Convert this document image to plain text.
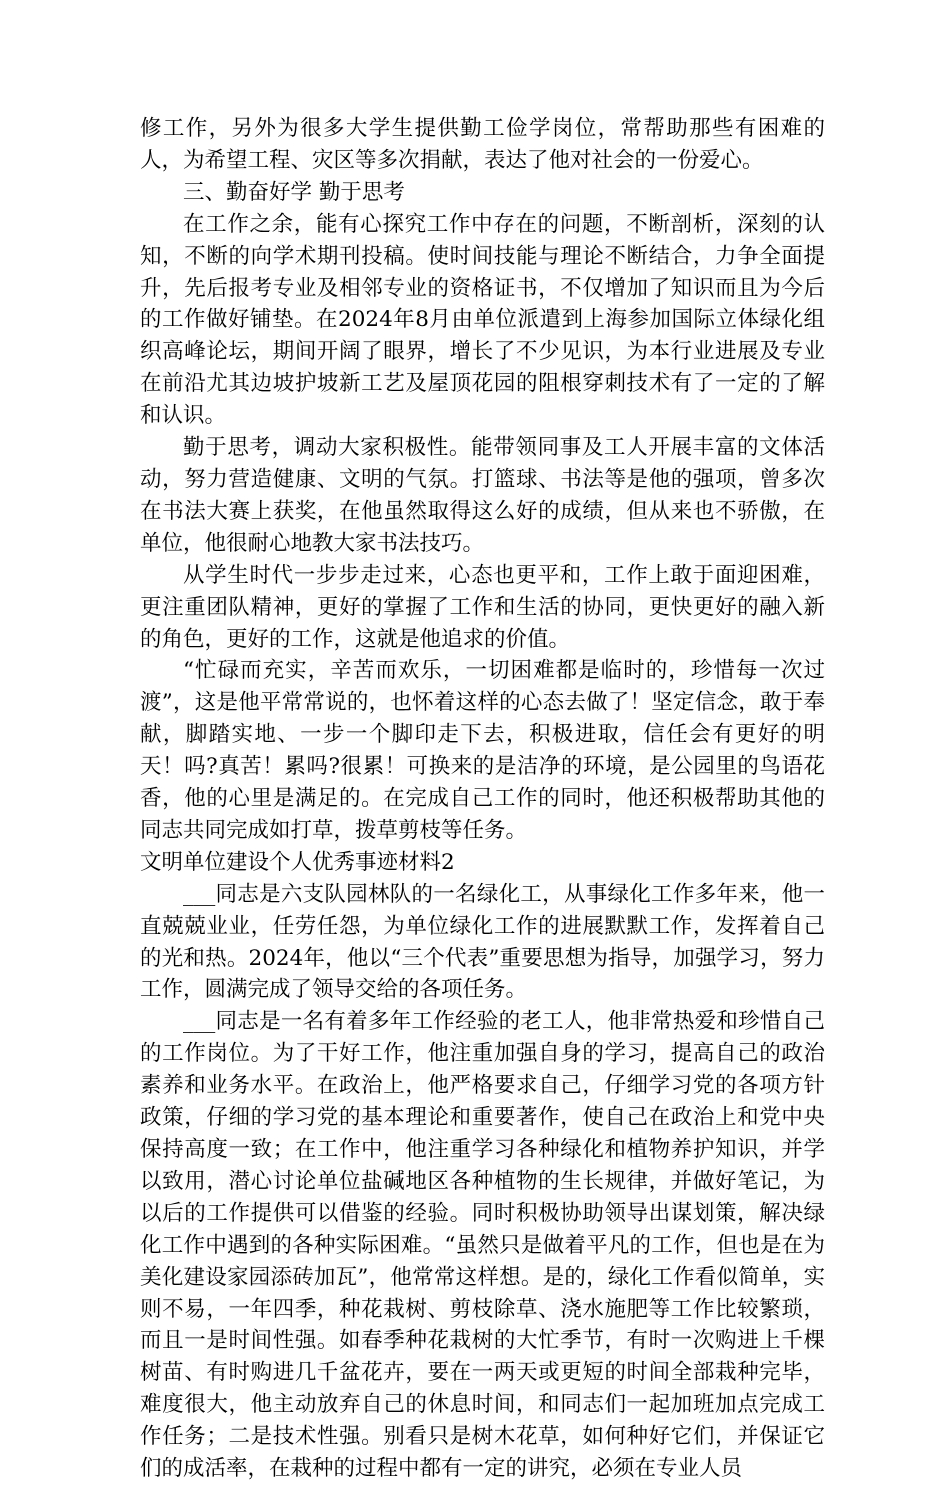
修工作，另外为很多大学生提供勤工俭学岗位，常帮助那些有困难的人，为希望工程、灾区等多次捐献，表达了他对社会的一份爱心。

三、勤奋好学 勤于思考

在工作之余，能有心探究工作中存在的问题，不断剖析，深刻的认知，不断的向学术期刊投稿。使时间技能与理论不断结合，力争全面提升，先后报考专业及相邻专业的资格证书，不仅增加了知识而且为今后的工作做好铺垫。在2024年8月由单位派遣到上海参加国际立体绿化组织高峰论坛，期间开阔了眼界，增长了不少见识，为本行业进展及专业在前沿尤其边坡护坡新工艺及屋顶花园的阻根穿刺技术有了一定的了解和认识。

勤于思考，调动大家积极性。能带领同事及工人开展丰富的文体活动，努力营造健康、文明的气氛。打篮球、书法等是他的强项，曾多次在书法大赛上获奖，在他虽然取得这么好的成绩，但从来也不骄傲，在单位，他很耐心地教大家书法技巧。

从学生时代一步步走过来，心态也更平和，工作上敢于面迎困难，更注重团队精神，更好的掌握了工作和生活的协同，更快更好的融入新的角色，更好的工作，这就是他追求的价值。

“忙碌而充实，辛苦而欢乐，一切困难都是临时的，珍惜每一次过渡”，这是他平常常说的，也怀着这样的心态去做了！坚定信念，敢于奉献，脚踏实地、一步一个脚印走下去，积极进取，信任会有更好的明天！吗?真苦！累吗?很累！可换来的是洁净的环境，是公园里的鸟语花香，他的心里是满足的。在完成自己工作的同时，他还积极帮助其他的同志共同完成如打草，拨草剪枝等任务。

文明单位建设个人优秀事迹材料2

___同志是六支队园林队的一名绿化工，从事绿化工作多年来，他一直兢兢业业，任劳任怨，为单位绿化工作的进展默默工作，发挥着自己的光和热。2024年，他以“三个代表”重要思想为指导，加强学习，努力工作，圆满完成了领导交给的各项任务。

___同志是一名有着多年工作经验的老工人，他非常热爱和珍惜自己的工作岗位。为了干好工作，他注重加强自身的学习，提高自己的政治素养和业务水平。在政治上，他严格要求自己，仔细学习党的各项方针政策，仔细的学习党的基本理论和重要著作，使自己在政治上和党中央保持高度一致；在工作中，他注重学习各种绿化和植物养护知识，并学以致用，潜心讨论单位盐碱地区各种植物的生长规律，并做好笔记，为以后的工作提供可以借鉴的经验。同时积极协助领导出谋划策，解决绿化工作中遇到的各种实际困难。“虽然只是做着平凡的工作，但也是在为美化建设家园添砖加瓦”，他常常这样想。是的，绿化工作看似简单，实则不易，一年四季，种花栽树、剪枝除草、浇水施肥等工作比较繁琐，而且一是时间性强。如春季种花栽树的大忙季节，有时一次购进上千棵树苗、有时购进几千盆花卉，要在一两天或更短的时间全部栽种完毕，难度很大，他主动放弃自己的休息时间，和同志们一起加班加点完成工作任务；二是技术性强。别看只是树木花草，如何种好它们，并保证它们的成活率，在栽种的过程中都有一定的讲究，必须在专业人员
